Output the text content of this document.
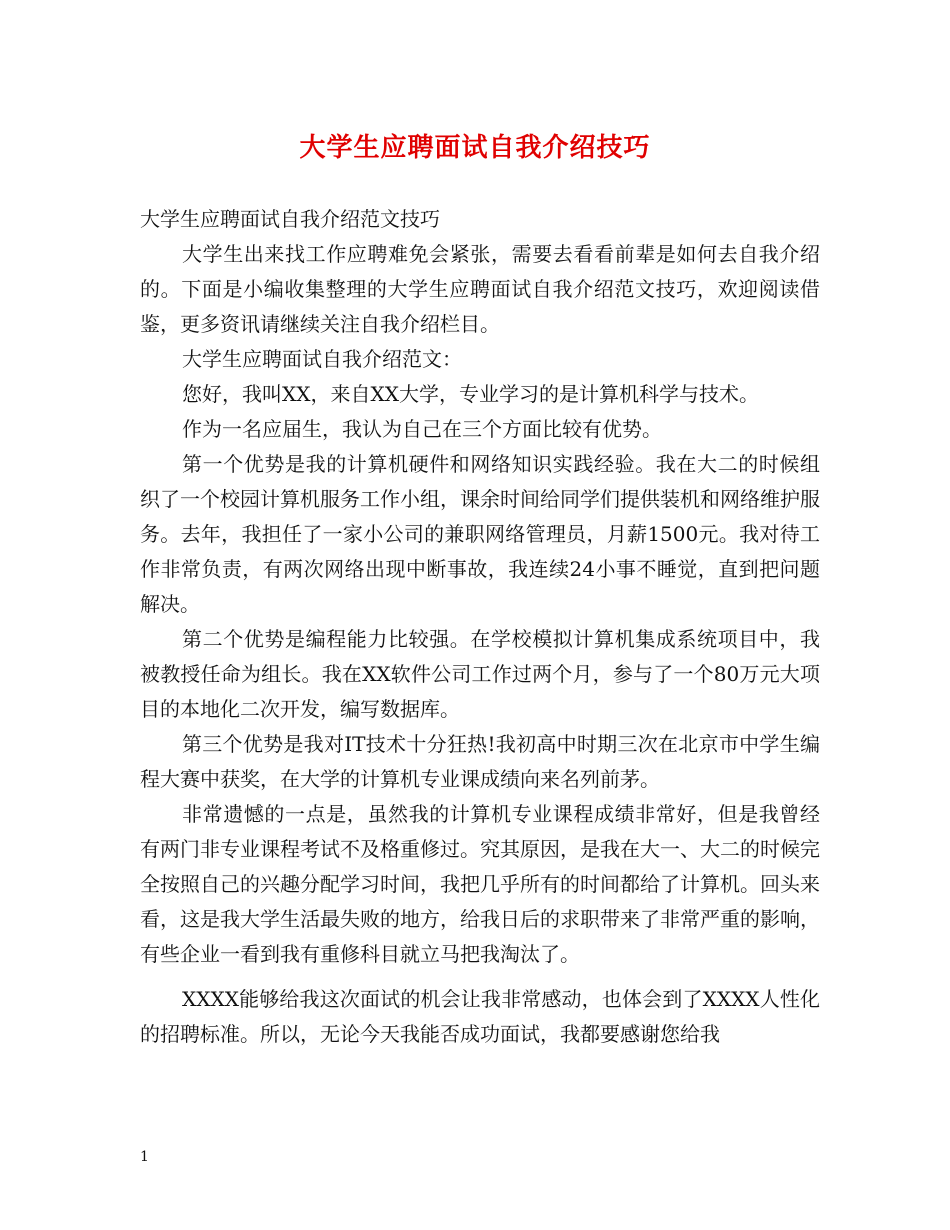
大学生应聘面试自我介绍技巧

大学生应聘面试自我介绍范文技巧

大学生出来找工作应聘难免会紧张，需要去看看前辈是如何去自我介绍的。下面是小编收集整理的大学生应聘面试自我介绍范文技巧，欢迎阅读借鉴，更多资讯请继续关注自我介绍栏目。

大学生应聘面试自我介绍范文：

您好，我叫XX，来自XX大学，专业学习的是计算机科学与技术。

作为一名应届生，我认为自己在三个方面比较有优势。

第一个优势是我的计算机硬件和网络知识实践经验。我在大二的时候组织了一个校园计算机服务工作小组，课余时间给同学们提供装机和网络维护服务。去年，我担任了一家小公司的兼职网络管理员，月薪1500元。我对待工作非常负责，有两次网络出现中断事故，我连续24小事不睡觉，直到把问题解决。

第二个优势是编程能力比较强。在学校模拟计算机集成系统项目中，我被教授任命为组长。我在XX软件公司工作过两个月，参与了一个80万元大项目的本地化二次开发，编写数据库。

第三个优势是我对IT技术十分狂热!我初高中时期三次在北京市中学生编程大赛中获奖，在大学的计算机专业课成绩向来名列前茅。

非常遗憾的一点是，虽然我的计算机专业课程成绩非常好，但是我曾经有两门非专业课程考试不及格重修过。究其原因，是我在大一、大二的时候完全按照自己的兴趣分配学习时间，我把几乎所有的时间都给了计算机。回头来看，这是我大学生活最失败的地方，给我日后的求职带来了非常严重的影响，有些企业一看到我有重修科目就立马把我淘汰了。

XXXX能够给我这次面试的机会让我非常感动，也体会到了XXXX人性化的招聘标准。所以，无论今天我能否成功面试，我都要感谢您给我

1
